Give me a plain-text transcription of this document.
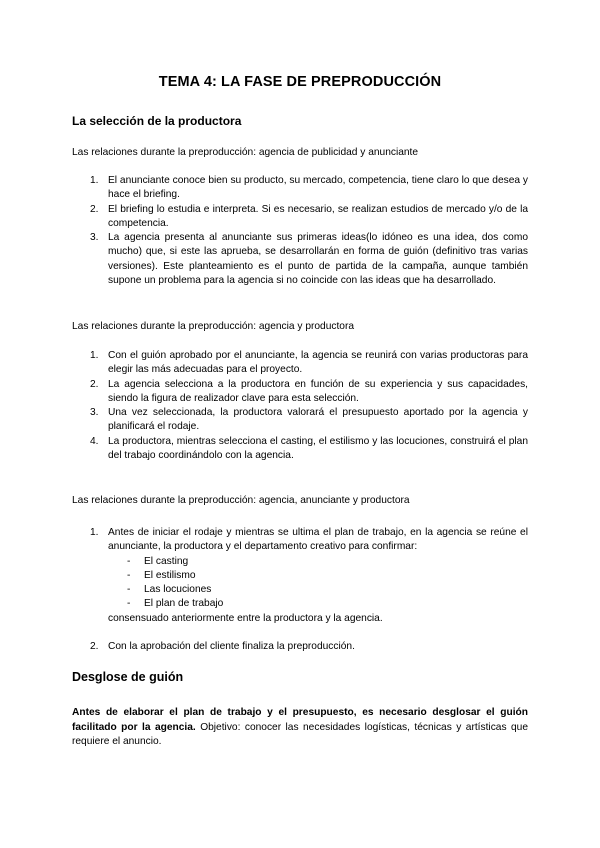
TEMA 4: LA FASE DE PREPRODUCCIÓN
La selección de la productora
Las relaciones durante la preproducción: agencia de publicidad y anunciante
1. El anunciante conoce bien su producto, su mercado, competencia, tiene claro lo que desea y hace el briefing.
2. El briefing lo estudia e interpreta. Si es necesario, se realizan estudios de mercado y/o de la competencia.
3. La agencia presenta al anunciante sus primeras ideas(lo idóneo es una idea, dos como mucho) que, si este las aprueba, se desarrollarán en forma de guión (definitivo tras varias versiones). Este planteamiento es el punto de partida de la campaña, aunque también supone un problema para la agencia si no coincide con las ideas que ha desarrollado.
Las relaciones durante la preproducción: agencia y productora
1. Con el guión aprobado por el anunciante, la agencia se reunirá con varias productoras para elegir las más adecuadas para el proyecto.
2. La agencia selecciona a la productora en función de su experiencia y sus capacidades, siendo la figura de realizador clave para esta selección.
3. Una vez seleccionada, la productora valorará el presupuesto aportado por la agencia y planificará el rodaje.
4. La productora, mientras selecciona el casting, el estilismo y las locuciones, construirá el plan del trabajo coordinándolo con la agencia.
Las relaciones durante la preproducción: agencia, anunciante y productora
1. Antes de iniciar el rodaje y mientras se ultima el plan de trabajo, en la agencia se reúne el anunciante, la productora y el departamento creativo para confirmar:
- El casting
- El estilismo
- Las locuciones
- El plan de trabajo
consensuado anteriormente entre la productora y la agencia.
2. Con la aprobación del cliente finaliza la preproducción.
Desglose de guión
Antes de elaborar el plan de trabajo y el presupuesto, es necesario desglosar el guión facilitado por la agencia. Objetivo: conocer las necesidades logísticas, técnicas y artísticas que requiere el anuncio.
